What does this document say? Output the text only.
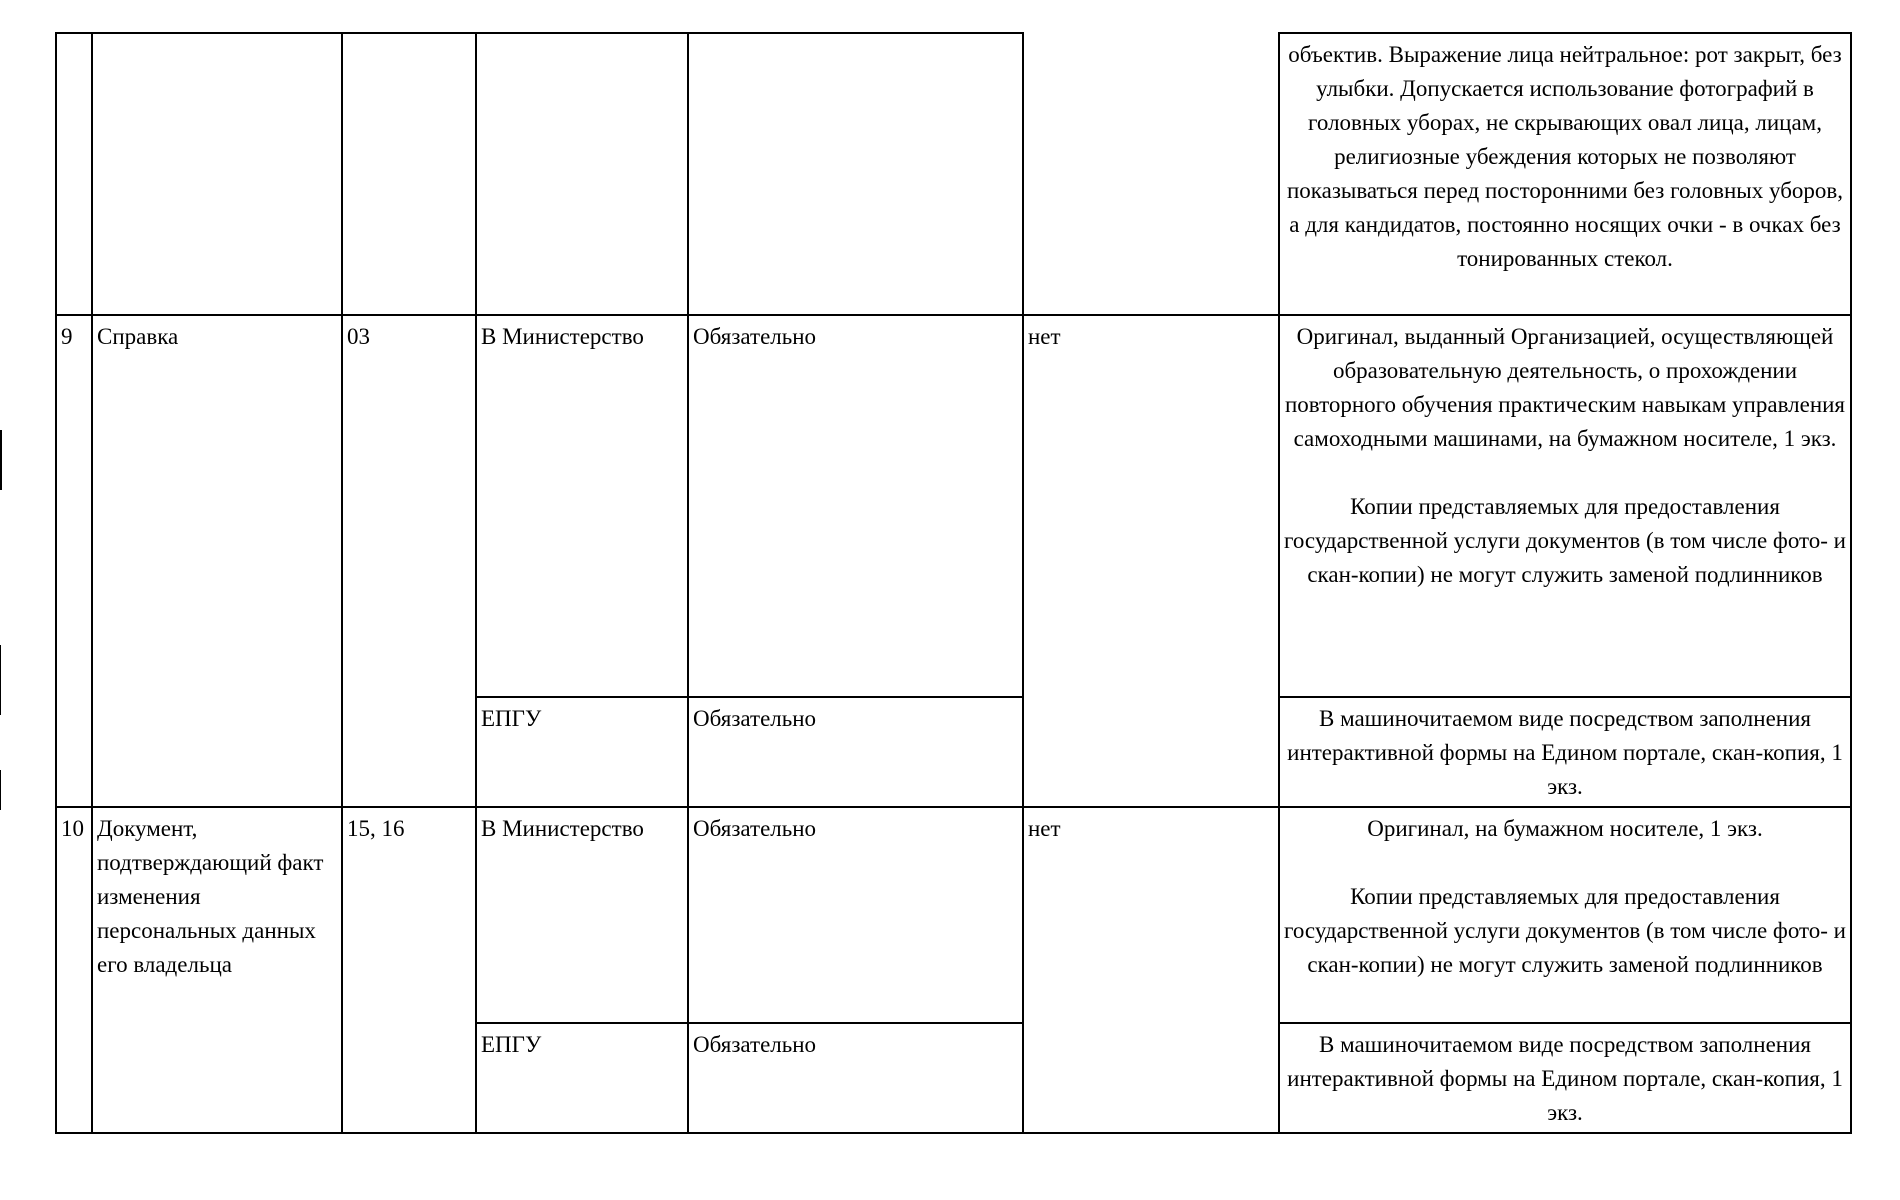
						объектив. Выражение лица нейтральное: рот закрыт, без улыбки. Допускается использование фотографий в головных уборах, не скрывающих овал лица, лицам, религиозные убеждения которых не позволяют показываться перед посторонними без головных уборов, а для кандидатов, постоянно носящих очки - в очках без тонированных стекол.
9	Справка	03	В Министерство	Обязательно	нет	Оригинал, выданный Организацией, осуществляющей образовательную деятельность, о прохождении повторного обучения практическим навыкам управления самоходными машинами, на бумажном носителе, 1 экз.

Копии представляемых для предоставления государственной услуги документов (в том числе фото- и скан-копии) не могут служить заменой подлинников
			ЕПГУ	Обязательно		В машиночитаемом виде посредством заполнения интерактивной формы на Едином портале, скан-копия, 1 экз.
10	Документ, подтверждающий факт изменения персональных данных его владельца	15, 16	В Министерство	Обязательно	нет	Оригинал, на бумажном носителе, 1 экз.

Копии представляемых для предоставления государственной услуги документов (в том числе фото- и скан-копии) не могут служить заменой подлинников
			ЕПГУ	Обязательно		В машиночитаемом виде посредством заполнения интерактивной формы на Едином портале, скан-копия, 1 экз.
